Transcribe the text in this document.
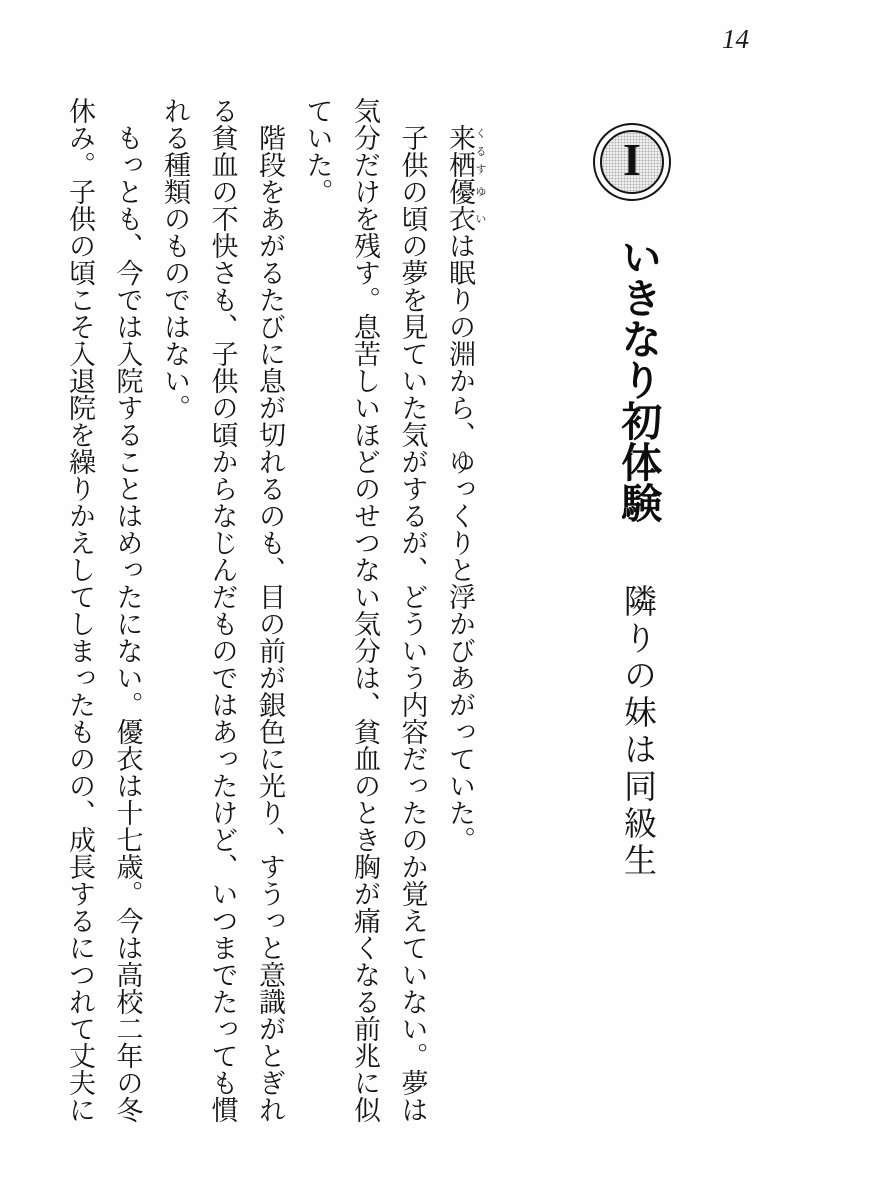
14
I
いきなり初体験
隣りの妹は同級生

来栖 くるす優衣 ゆいは眠りの淵から、ゆっくりと浮かびあがっていた。

子供の頃の夢を見ていた気がするが、どういう内容だったのか覚えていない。夢は気分だけを残す。息苦しいほどのせつない気分は、貧血のとき胸が痛くなる前兆に似ていた。

階段をあがるたびに息が切れるのも、目の前が銀色に光り、すうっと意識がとぎれる貧血の不快さも、子供の頃からなじんだものではあったけど、いつまでたっても慣れる種類のものではない。

もっとも、今では入院することはめったにない。優衣は十七歳。今は高校二年の冬休み。子供の頃こそ入退院を繰りかえしてしまったものの、成長するにつれて丈夫に
